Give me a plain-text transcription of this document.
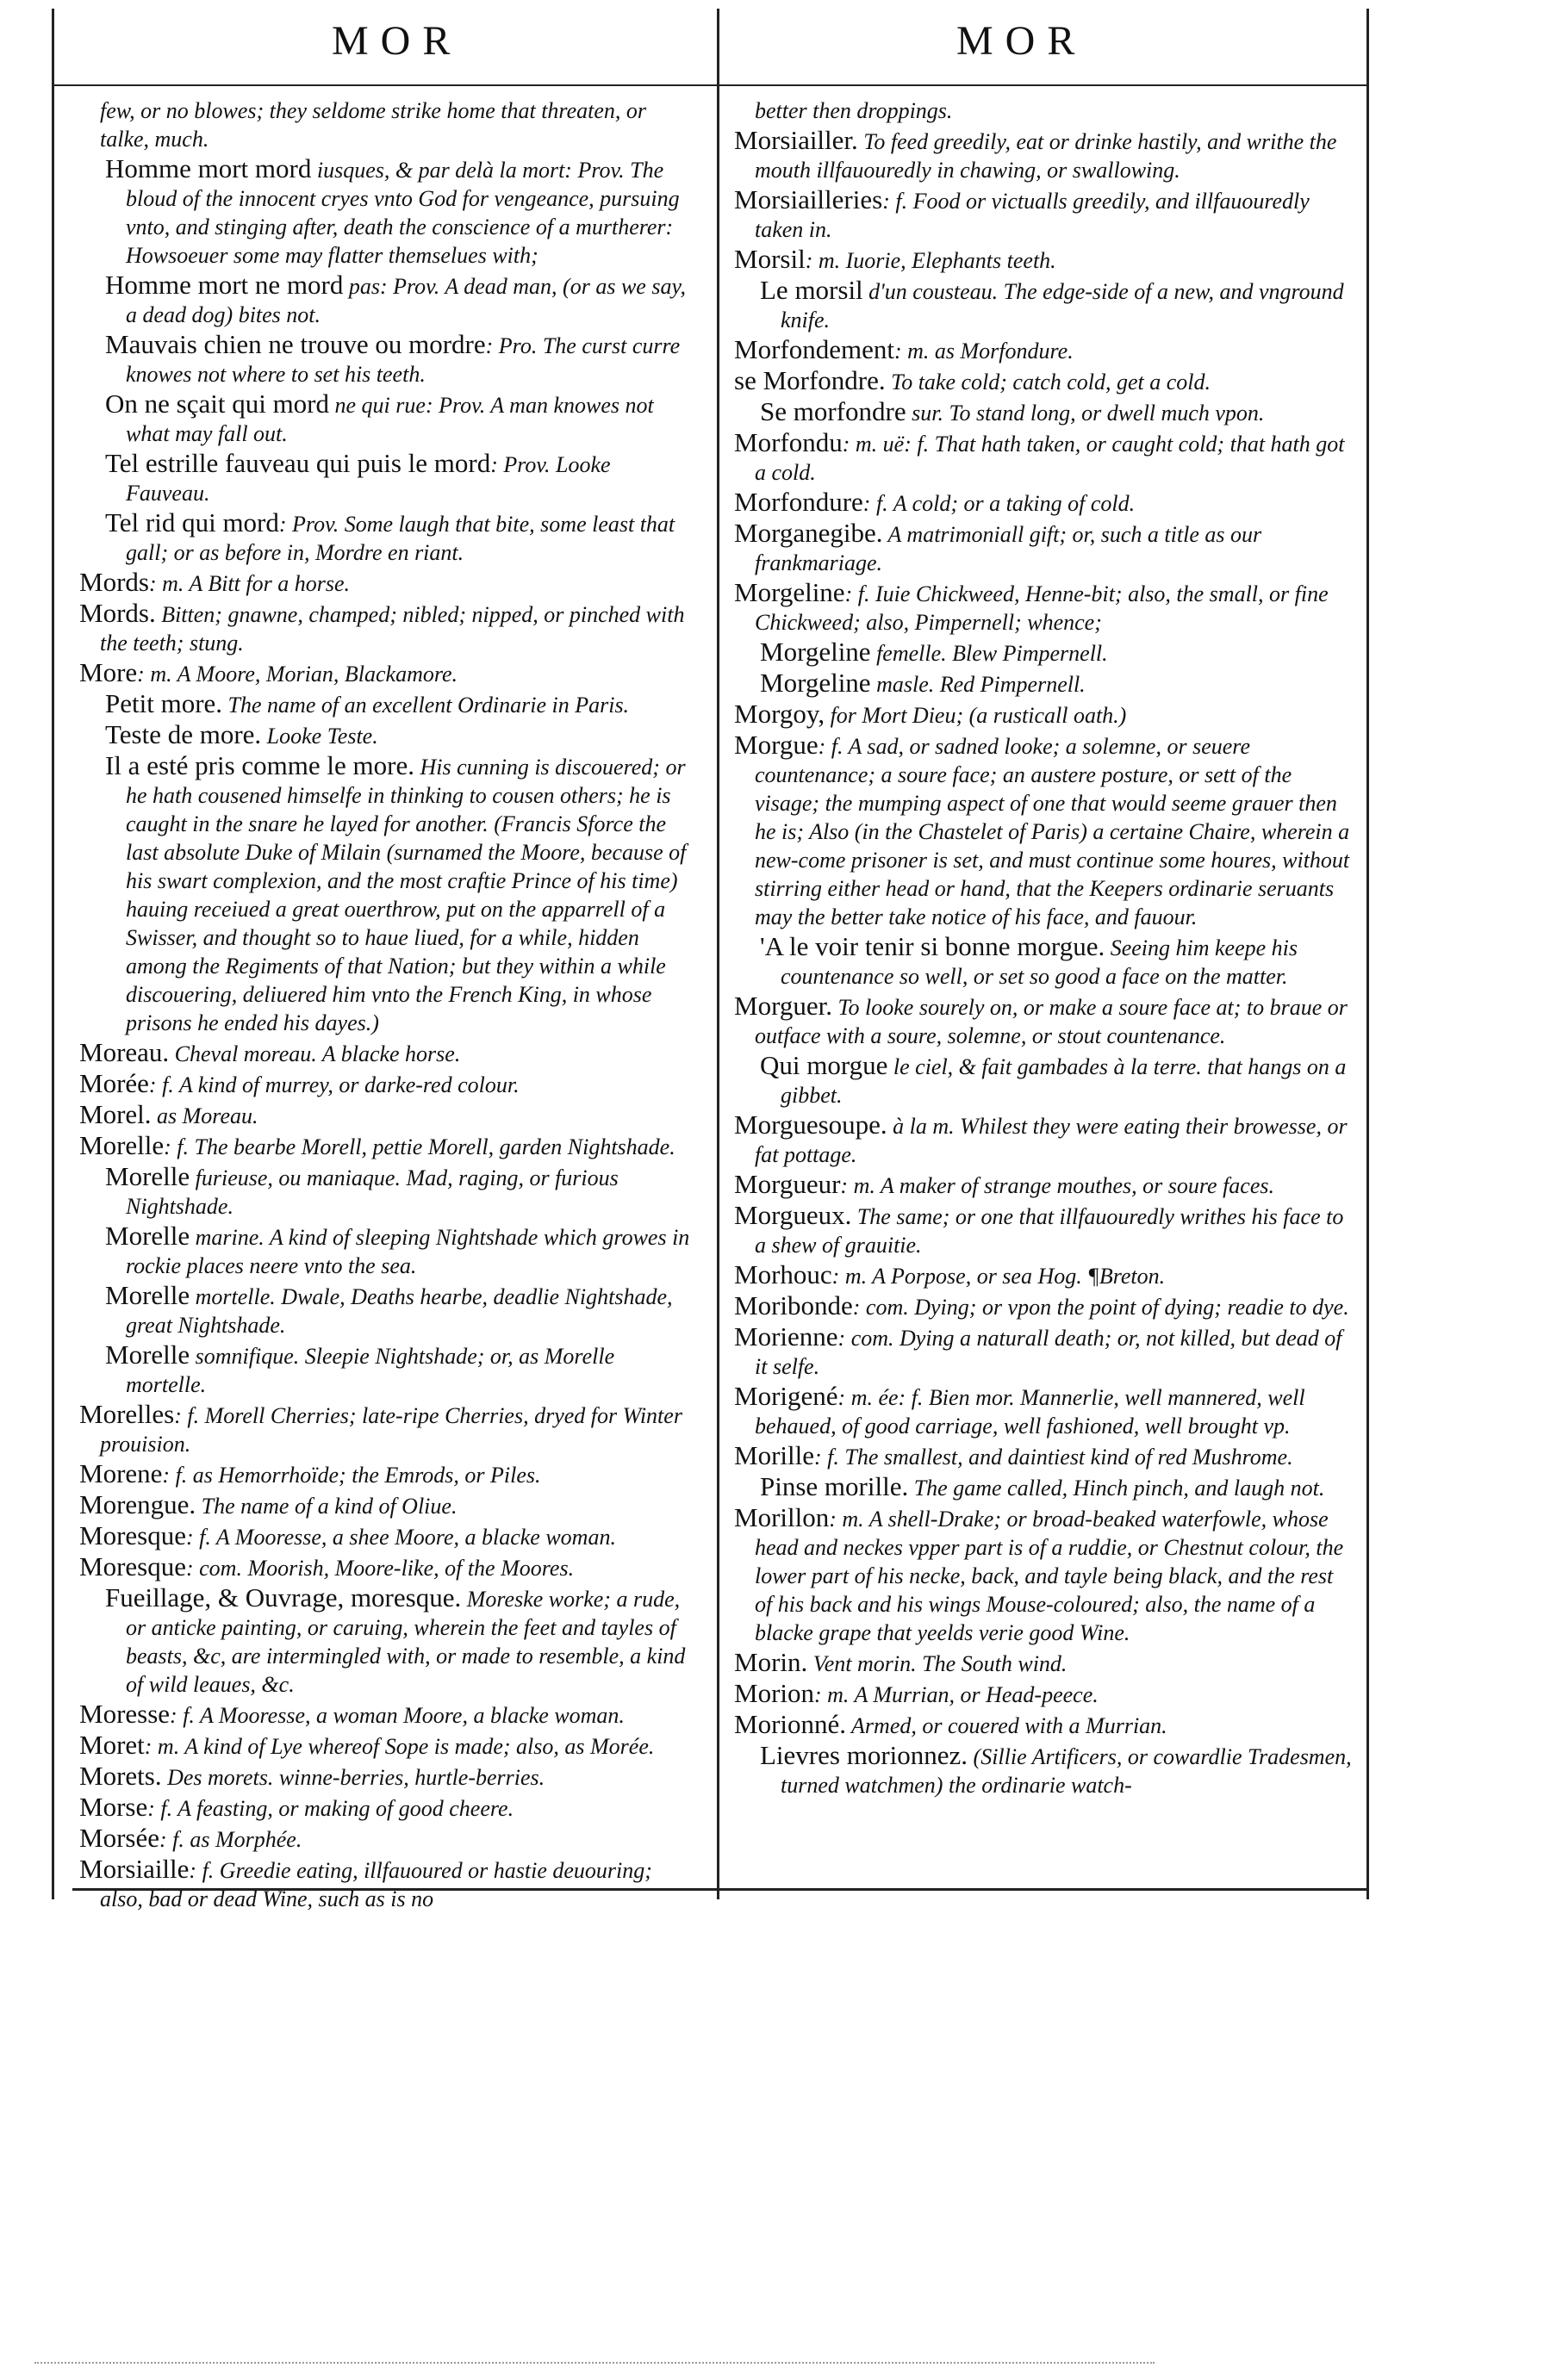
MOR	MOR
few, or no blowes; they seldome strike home that threaten, or talke, much.
Homme mort mord iusques, & par delà la mort: Prov. The bloud of the innocent cryes vnto God for vengeance, pursuing vnto, and stinging after, death the conscience of a murtherer: Howsoeuer some may flatter themselues with;
Homme mort ne mord pas: Prov. A dead man, (or as we say, a dead dog) bites not.
Mauvais chien ne trouve ou mordre: Pro. The curst curre knowes not where to set his teeth.
On ne sçait qui mord ne qui rue: Prov. A man knowes not what may fall out.
Tel estrille fauveau qui puis le mord: Prov. Looke Fauveau.
Tel rid qui mord: Prov. Some laugh that bite, some least that gall; or as before in, Mordre en riant.
Mords: m. A Bitt for a horse.
Mords. Bitten; gnawne, champed; nibled; nipped, or pinched with the teeth; stung.
More: m. A Moore, Morian, Blackamore.
Petit more. The name of an excellent Ordinarie in Paris.
Teste de more. Looke Teste.
Il a esté pris comme le more. His cunning is discouered; or he hath cousened himselfe in thinking to cousen others; he is caught in the snare he layed for another. (Francis Sforce the last absolute Duke of Milain (surnamed the Moore, because of his swart complexion, and the most craftie Prince of his time) hauing receiued a great ouerthrow, put on the apparrell of a Swisser, and thought so to haue liued, for a while, hidden among the Regiments of that Nation; but they within a while discouering, deliuered him vnto the French King, in whose prisons he ended his dayes.)
Moreau. Cheval moreau. A blacke horse.
Morée: f. A kind of murrey, or darke-red colour.
Morel. as Moreau.
Morelle: f. The bearbe Morell, pettie Morell, garden Nightshade.
Morelle furieuse, ou maniaque. Mad, raging, or furious Nightshade.
Morelle marine. A kind of sleeping Nightshade which growes in rockie places neere vnto the sea.
Morelle mortelle. Dwale, Deaths hearbe, deadlie Nightshade, great Nightshade.
Morelle somnifique. Sleepie Nightshade; or, as Morelle mortelle.
Morelles: f. Morell Cherries; late-ripe Cherries, dryed for Winter prouision.
Morene: f. as Hemorrhoïde; the Emrods, or Piles.
Morengue. The name of a kind of Oliue.
Moresque: f. A Mooresse, a shee Moore, a blacke woman.
Moresque: com. Moorish, Moore-like, of the Moores.
Fueillage, & Ouvrage, moresque. Moreske worke; a rude, or anticke painting, or caruing, wherein the feet and tayles of beasts, &c, are intermingled with, or made to resemble, a kind of wild leaues, &c.
Moresse: f. A Mooresse, a woman Moore, a blacke woman.
Moret: m. A kind of Lye whereof Sope is made; also, as Morée.
Morets. Des morets. winne-berries, hurtle-berries.
Morse: f. A feasting, or making of good cheere.
Morsée: f. as Morphée.
Morsiaille: f. Greedie eating, illfauoured or hastie deuouring; also, bad or dead Wine, such as is no
better then droppings.
Morsiailler. To feed greedily, eat or drinke hastily, and writhe the mouth illfauouredly in chawing, or swallowing.
Morsiailleries: f. Food or victualls greedily, and illfauouredly taken in.
Morsil: m. Iuorie, Elephants teeth.
Le morsil d'un cousteau. The edge-side of a new, and vnground knife.
Morfondement: m. as Morfondure.
se Morfondre. To take cold; catch cold, get a cold.
Se morfondre sur. To stand long, or dwell much vpon.
Morfondu: m. uë: f. That hath taken, or caught cold; that hath got a cold.
Morfondure: f. A cold; or a taking of cold.
Morganegibe. A matrimoniall gift; or, such a title as our frankmariage.
Morgeline: f. Iuie Chickweed, Henne-bit; also, the small, or fine Chickweed; also, Pimpernell; whence;
Morgeline femelle. Blew Pimpernell.
Morgeline masle. Red Pimpernell.
Morgoy, for Mort Dieu; (a rusticall oath.)
Morgue: f. A sad, or sadned looke; a solemne, or seuere countenance; a soure face; an austere posture, or sett of the visage; the mumping aspect of one that would seeme grauer then he is; Also (in the Chastelet of Paris) a certaine Chaire, wherein a new-come prisoner is set, and must continue some houres, without stirring either head or hand, that the Keepers ordinarie seruants may the better take notice of his face, and fauour.
'A le voir tenir si bonne morgue. Seeing him keepe his countenance so well, or set so good a face on the matter.
Morguer. To looke sourely on, or make a soure face at; to braue or outface with a soure, solemne, or stout countenance.
Qui morgue le ciel, & fait gambades à la terre. that hangs on a gibbet.
Morguesoupe. à la m. Whilest they were eating their browesse, or fat pottage.
Morgueur: m. A maker of strange mouthes, or soure faces.
Morgueux. The same; or one that illfauouredly writhes his face to a shew of grauitie.
Morhouc: m. A Porpose, or sea Hog. ¶Breton.
Moribonde: com. Dying; or vpon the point of dying; readie to dye.
Morienne: com. Dying a naturall death; or, not killed, but dead of it selfe.
Morigené: m. ée: f. Bien mor. Mannerlie, well mannered, well behaued, of good carriage, well fashioned, well brought vp.
Morille: f. The smallest, and daintiest kind of red Mushrome.
Pinse morille. The game called, Hinch pinch, and laugh not.
Morillon: m. A shell-Drake; or broad-beaked waterfowle, whose head and neckes vpper part is of a ruddie, or Chestnut colour, the lower part of his necke, back, and tayle being black, and the rest of his back and his wings Mouse-coloured; also, the name of a blacke grape that yeelds verie good Wine.
Morin. Vent morin. The South wind.
Morion: m. A Murrian, or Head-peece.
Morionné. Armed, or couered with a Murrian.
Lievres morionnez. (Sillie Artificers, or cowardlie Tradesmen, turned watchmen) the ordinarie watch-
